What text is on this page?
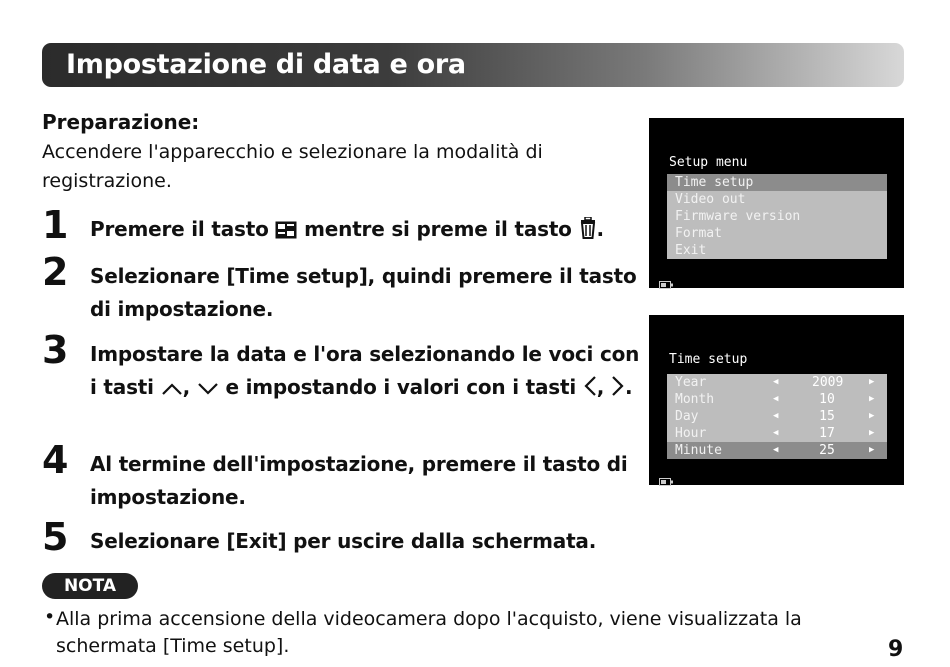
Impostazione di data e ora
Preparazione:
Accendere l'apparecchio e selezionare la modalità di registrazione.
1	Premere il tasto mentre si preme il tasto .
2	Selezionare [Time setup], quindi premere il tasto di impostazione.
3	Impostare la data e l'ora selezionando le voci con i tasti , e impostando i valori con i tasti , .
4	Al termine dell'impostazione, premere il tasto di impostazione.
5	Selezionare [Exit] per uscire dalla schermata.
Setup menu
Time setup
Video out
Firmware version
Format
Exit
Time setup
Year	◀	2009	▶
Month	◀	10	▶
Day	◀	15	▶
Hour	◀	17	▶
Minute	◀	25	▶
NOTA
• Alla prima accensione della videocamera dopo l'acquisto, viene visualizzata la schermata [Time setup].	9
